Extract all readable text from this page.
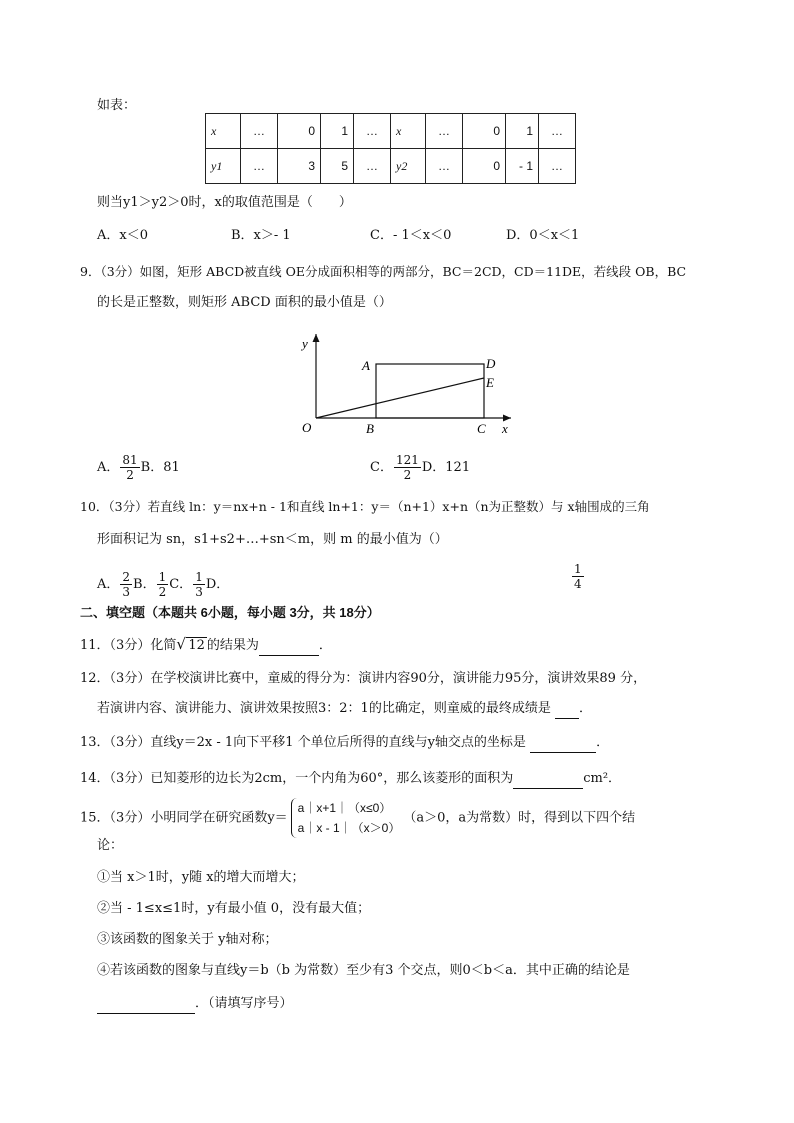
如表：
x	…	0	1	…	x	…	0	1	…
y1	…	3	5	…	y2	…	0	- 1	…
则当y1＞y2＞0时，x的取值范围是（　　）
A．x＜0	B．x＞- 1	C．- 1＜x＜0	D．0＜x＜1
9．（3分）如图，矩形 ABCD被直线 OE分成面积相等的两部分，BC＝2CD，CD＝11DE，若线段 OB，BC
的长是正整数，则矩形 ABCD 面积的最小值是（）
y
x
O
A
B	C
D
E
A． $\frac{81}{2}$ B．81	C． $\frac{121}{2}$ D．121
10．（3分）若直线 ln：y＝nx+n - 1和直线 ln+1：y＝（n+1）x+n（n为正整数）与 x轴围成的三角
形面积记为 sn，s1+s2+…+sn＜m，则 m 的最小值为（）
A． $\frac{2}{3}$ B． $\frac{1}{2}$ C． $\frac{1}{3}$ D．	$\frac{1}{4}$
二、填空题（本题共 6小题，每小题 3分，共 18分）
11．（3分）化简 √ 12 的结果为	．
12．（3分）在学校演讲比赛中，童威的得分为：演讲内容90分，演讲能力95分，演讲效果89 分，
若演讲内容、演讲能力、演讲效果按照3：2：1的比确定，则童威的最终成绩是 ．
13．（3分）直线y＝2x - 1向下平移1 个单位后所得的直线与y轴交点的坐标是	．
14．（3分）已知菱形的边长为2cm，一个内角为60°，那么该菱形的面积为	cm²．
15．（3分）小明同学在研究函数y＝
a｜x+1｜（x≤0）
a｜x - 1｜（x＞0）
（a＞0，a为常数）时，得到以下四个结
论：
①当 x＞1时，y随 x的增大而增大；
②当 - 1≤x≤1时，y有最小值 0，没有最大值；
③该函数的图象关于 y轴对称；
④若该函数的图象与直线y＝b（b 为常数）至少有3 个交点，则0＜b＜a．其中正确的结论是
．（请填写序号）
